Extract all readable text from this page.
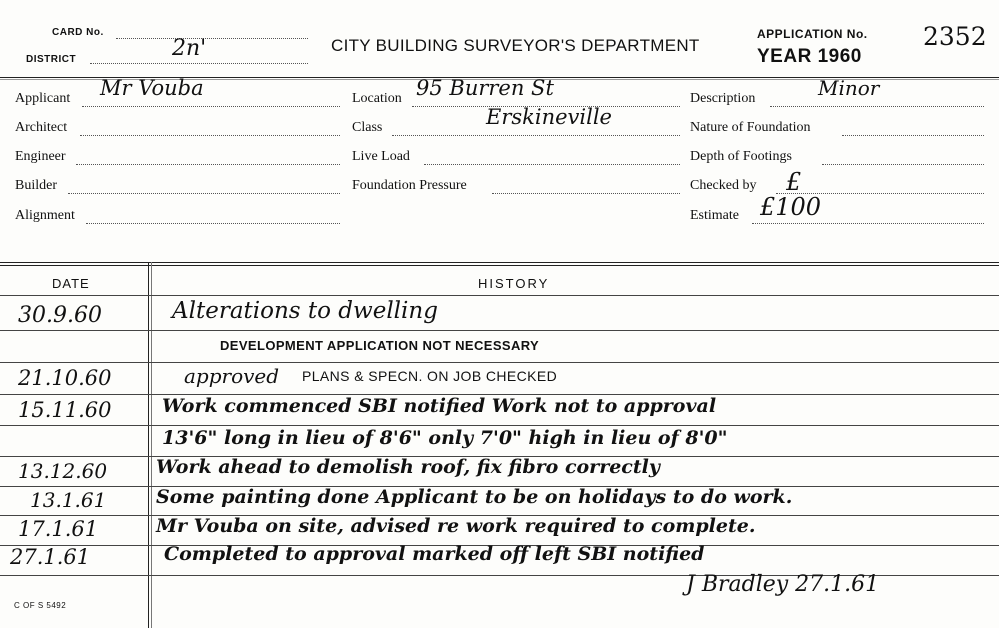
CARD No.
DISTRICT	2n'	CITY BUILDING SURVEYOR'S DEPARTMENT
APPLICATION No. 2352
YEAR 1960
Applicant Mr Vouba
Architect
Engineer
Builder
Alignment
Location 95 Burren St
Class	Erskineville
Live Load
Foundation Pressure
Description	Minor
Nature of Foundation
Depth of Footings
Checked by £
Estimate £100
DATE	HISTORY
30.9.60	Alterations to dwelling
DEVELOPMENT APPLICATION NOT NECESSARY
21.10.60	approved PLANS & SPECN. ON JOB CHECKED
15.11.60	Work commenced SBI notified Work not to approval
13'6" long in lieu of 8'6" only 7'0" high in lieu of 8'0"
13.12.60	Work ahead to demolish roof, fix fibro correctly
13.1.61	Some painting done Applicant to be on holidays to do work.
17.1.61	Mr Vouba on site, advised re work required to complete.
27.1.61	Completed to approval marked off left SBI notified
J Bradley 27.1.61
C OF S 5492
